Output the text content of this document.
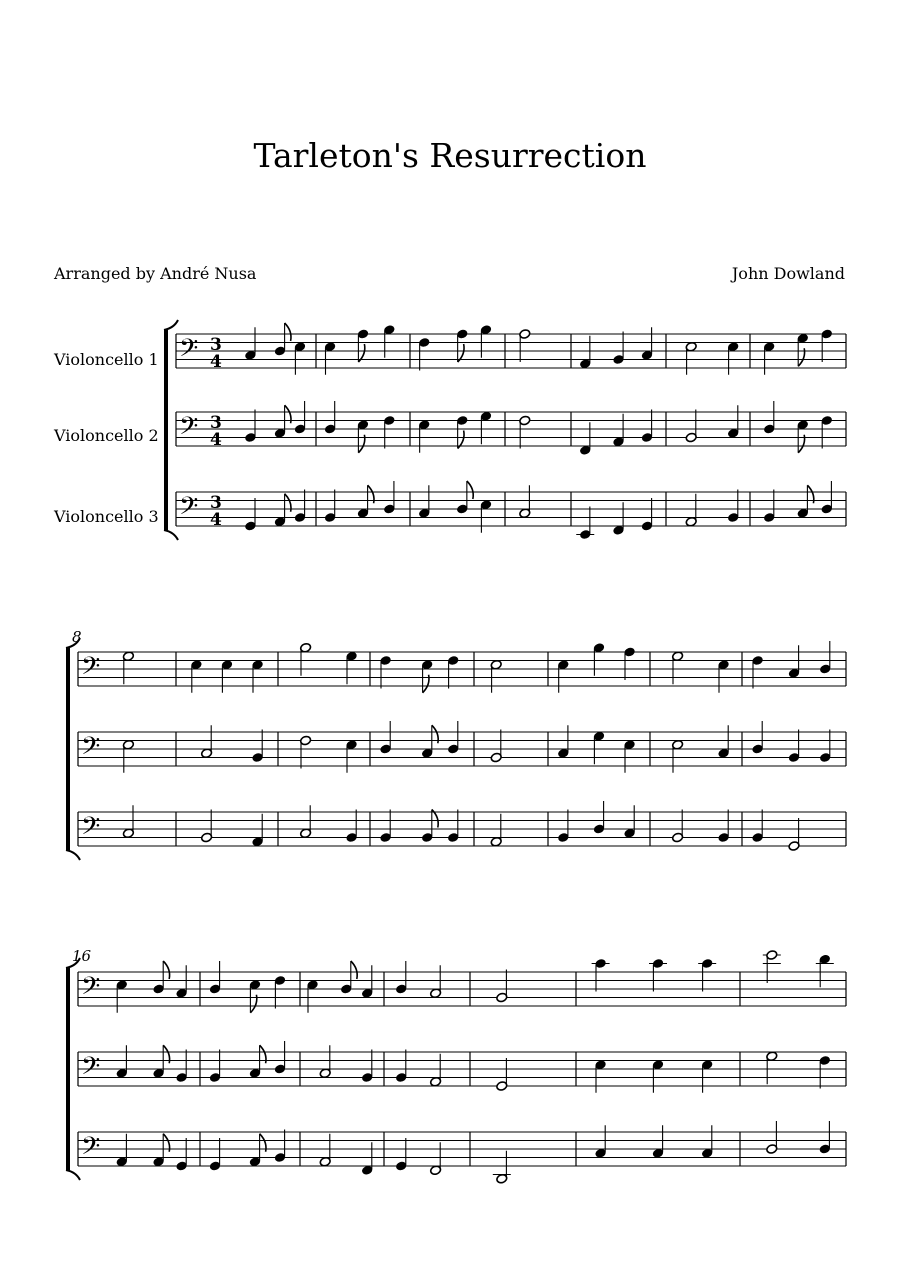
Tarleton's Resurrection
Arranged by André Nusa	John Dowland
Violoncello 1
Violoncello 2
Violoncello 3
8
16
𝄢 3
4
𝄢 3
4
𝄢 3
4
𝄢
𝄢
𝄢
𝄢
𝄢
𝄢
